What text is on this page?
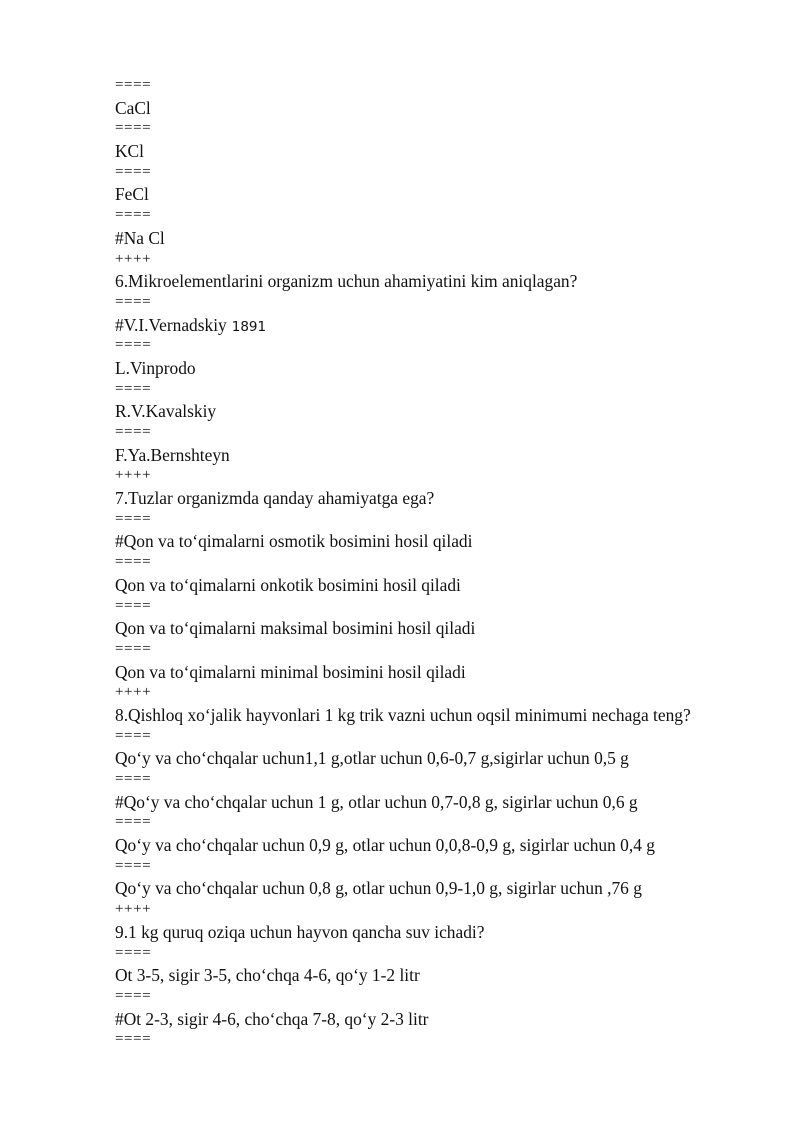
====
CaCl
====
KCl
====
FeCl
====
#Na Cl
++++
6.Mikroelementlarini organizm uchun ahamiyatini kim aniqlagan?
====
#V.I.Vernadskiy 1891
====
L.Vinprodo
====
R.V.Kavalskiy
====
F.Ya.Bernshteyn
++++
7.Tuzlar organizmda qanday ahamiyatga ega?
====
#Qon va to‘qimalarni osmotik bosimini hosil qiladi
====
Qon va to‘qimalarni onkotik bosimini hosil qiladi
====
Qon va to‘qimalarni maksimal bosimini hosil qiladi
====
Qon va to‘qimalarni minimal bosimini hosil qiladi
++++
8.Qishloq xo‘jalik hayvonlari 1 kg trik vazni uchun oqsil minimumi nechaga teng?
====
Qo‘y va cho‘chqalar uchun1,1 g,otlar uchun 0,6-0,7 g,sigirlar uchun 0,5 g
====
#Qo‘y va cho‘chqalar uchun 1 g, otlar uchun 0,7-0,8 g, sigirlar uchun 0,6 g
====
Qo‘y va cho‘chqalar uchun 0,9 g, otlar uchun 0,0,8-0,9 g, sigirlar uchun 0,4 g
====
Qo‘y va cho‘chqalar uchun 0,8 g, otlar uchun 0,9-1,0 g, sigirlar uchun ,76 g
++++
9.1 kg quruq oziqa uchun hayvon qancha suv ichadi?
====
Ot 3-5, sigir 3-5, cho‘chqa 4-6, qo‘y 1-2 litr
====
#Ot 2-3, sigir 4-6, cho‘chqa 7-8, qo‘y 2-3 litr
====
